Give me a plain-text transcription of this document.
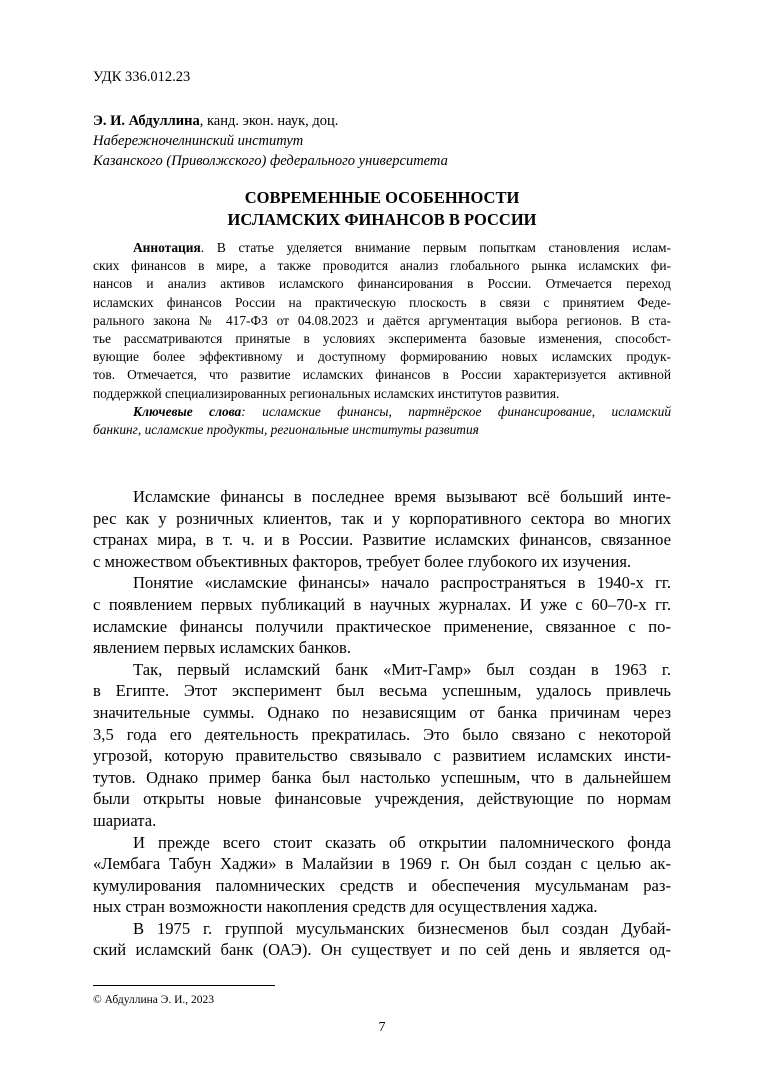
УДК 336.012.23
Э. И. Абдуллина, канд. экон. наук, доц.
Набережночелнинский институт
Казанского (Приволжского) федерального университета
СОВРЕМЕННЫЕ ОСОБЕННОСТИ
ИСЛАМСКИХ ФИНАНСОВ В РОССИИ
Аннотация. В статье уделяется внимание первым попыткам становления ислам-
ских финансов в мире, а также проводится анализ глобального рынка исламских фи-
нансов и анализ активов исламского финансирования в России. Отмечается переход
исламских финансов России на практическую плоскость в связи с принятием Феде-
рального закона № 417-ФЗ от 04.08.2023 и даётся аргументация выбора регионов. В ста-
тье рассматриваются принятые в условиях эксперимента базовые изменения, способст-
вующие более эффективному и доступному формированию новых исламских продук-
тов. Отмечается, что развитие исламских финансов в России характеризуется активной
поддержкой специализированных региональных исламских институтов развития.
Ключевые слова: исламские финансы, партнёрское финансирование, исламский
банкинг, исламские продукты, региональные институты развития
Исламские финансы в последнее время вызывают всё больший инте-
рес как у розничных клиентов, так и у корпоративного сектора во многих
странах мира, в т. ч. и в России. Развитие исламских финансов, связанное
с множеством объективных факторов, требует более глубокого их изучения.
Понятие «исламские финансы» начало распространяться в 1940-х гг.
с появлением первых публикаций в научных журналах. И уже с 60–70-х гг.
исламские финансы получили практическое применение, связанное с по-
явлением первых исламских банков.
Так, первый исламский банк «Мит-Гамр» был создан в 1963 г.
в Египте. Этот эксперимент был весьма успешным, удалось привлечь
значительные суммы. Однако по независящим от банка причинам через
3,5 года его деятельность прекратилась. Это было связано с некоторой
угрозой, которую правительство связывало с развитием исламских инсти-
тутов. Однако пример банка был настолько успешным, что в дальнейшем
были открыты новые финансовые учреждения, действующие по нормам
шариата.
И прежде всего стоит сказать об открытии паломнического фонда
«Лембага Табун Хаджи» в Малайзии в 1969 г. Он был создан с целью ак-
кумулирования паломнических средств и обеспечения мусульманам раз-
ных стран возможности накопления средств для осуществления хаджа.
В 1975 г. группой мусульманских бизнесменов был создан Дубай-
ский исламский банк (ОАЭ). Он существует и по сей день и является од-
© Абдуллина Э. И., 2023
7
